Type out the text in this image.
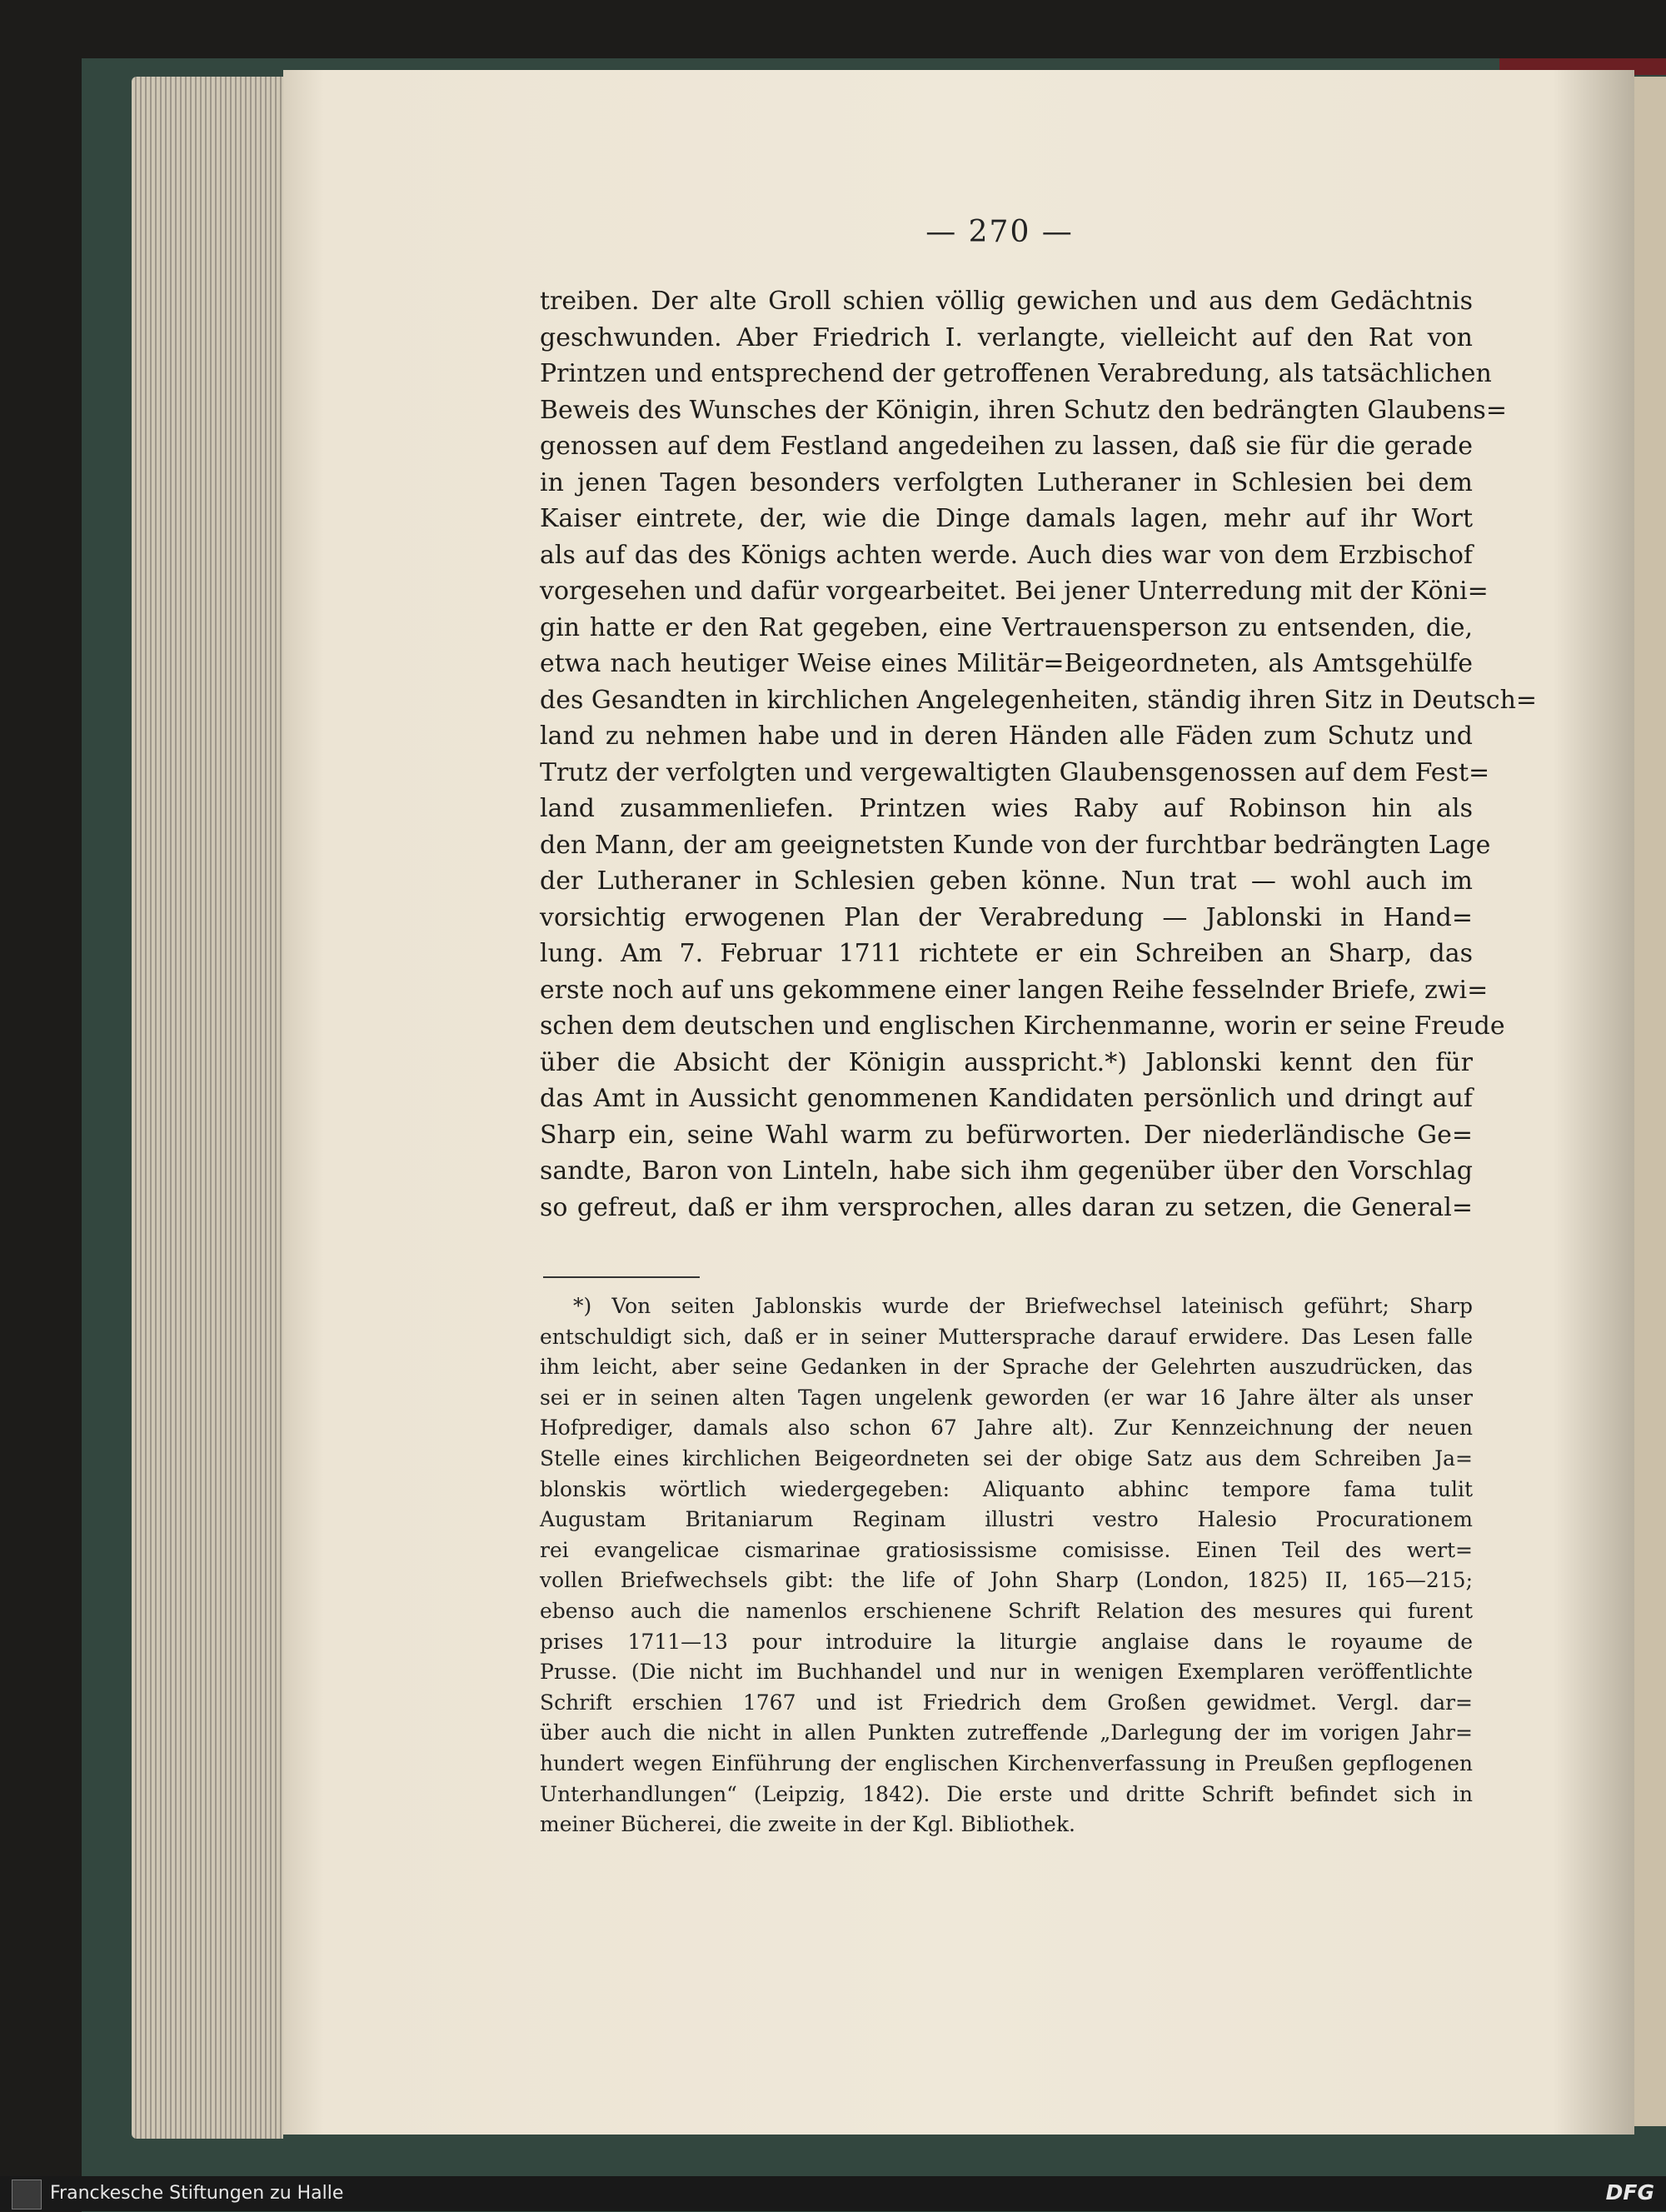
— 270 —

treiben. Der alte Groll schien völlig gewichen und aus dem Gedächtnis
geschwunden. Aber Friedrich I. verlangte, vielleicht auf den Rat von
Printzen und entsprechend der getroffenen Verabredung, als tatsächlichen
Beweis des Wunsches der Königin, ihren Schutz den bedrängten Glaubens=
genossen auf dem Festland angedeihen zu lassen, daß sie für die gerade
in jenen Tagen besonders verfolgten Lutheraner in Schlesien bei dem
Kaiser eintrete, der, wie die Dinge damals lagen, mehr auf ihr Wort
als auf das des Königs achten werde. Auch dies war von dem Erzbischof
vorgesehen und dafür vorgearbeitet. Bei jener Unterredung mit der Köni=
gin hatte er den Rat gegeben, eine Vertrauensperson zu entsenden, die,
etwa nach heutiger Weise eines Militär=Beigeordneten, als Amtsgehülfe
des Gesandten in kirchlichen Angelegenheiten, ständig ihren Sitz in Deutsch=
land zu nehmen habe und in deren Händen alle Fäden zum Schutz und
Trutz der verfolgten und vergewaltigten Glaubensgenossen auf dem Fest=
land zusammenliefen. Printzen wies Raby auf Robinson hin als
den Mann, der am geeignetsten Kunde von der furchtbar bedrängten Lage
der Lutheraner in Schlesien geben könne. Nun trat — wohl auch im
vorsichtig erwogenen Plan der Verabredung — Jablonski in Hand=
lung. Am 7. Februar 1711 richtete er ein Schreiben an Sharp, das
erste noch auf uns gekommene einer langen Reihe fesselnder Briefe, zwi=
schen dem deutschen und englischen Kirchenmanne, worin er seine Freude
über die Absicht der Königin ausspricht.*) Jablonski kennt den für
das Amt in Aussicht genommenen Kandidaten persönlich und dringt auf
Sharp ein, seine Wahl warm zu befürworten. Der niederländische Ge=
sandte, Baron von Linteln, habe sich ihm gegenüber über den Vorschlag
so gefreut, daß er ihm versprochen, alles daran zu setzen, die General=

*) Von seiten Jablonskis wurde der Briefwechsel lateinisch geführt; Sharp
entschuldigt sich, daß er in seiner Muttersprache darauf erwidere. Das Lesen falle
ihm leicht, aber seine Gedanken in der Sprache der Gelehrten auszudrücken, das
sei er in seinen alten Tagen ungelenk geworden (er war 16 Jahre älter als unser
Hofprediger, damals also schon 67 Jahre alt). Zur Kennzeichnung der neuen
Stelle eines kirchlichen Beigeordneten sei der obige Satz aus dem Schreiben Ja=
blonskis wörtlich wiedergegeben: Aliquanto abhinc tempore fama tulit
Augustam Britaniarum Reginam illustri vestro Halesio Procurationem
rei evangelicae cismarinae gratiosissisme comisisse. Einen Teil des wert=
vollen Briefwechsels gibt: the life of John Sharp (London, 1825) II, 165—215;
ebenso auch die namenlos erschienene Schrift Relation des mesures qui furent
prises 1711—13 pour introduire la liturgie anglaise dans le royaume de
Prusse. (Die nicht im Buchhandel und nur in wenigen Exemplaren veröffentlichte
Schrift erschien 1767 und ist Friedrich dem Großen gewidmet. Vergl. dar=
über auch die nicht in allen Punkten zutreffende „Darlegung der im vorigen Jahr=
hundert wegen Einführung der englischen Kirchenverfassung in Preußen gepflogenen
Unterhandlungen“ (Leipzig, 1842). Die erste und dritte Schrift befindet sich in
meiner Bücherei, die zweite in der Kgl. Bibliothek.
Franckesche Stiftungen zu Halle	DFG
